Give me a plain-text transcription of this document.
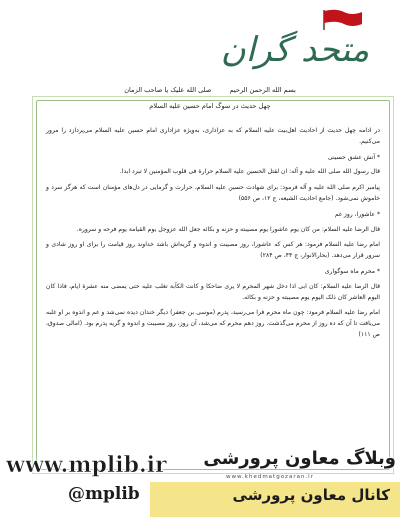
متحد گران
بسم الله الرحمن الرحیم صلی الله علیک یا صاحب الزمان
چهل حدیث در سوگ امام حسین علیه السلام

در ادامه چهل حدیث از احادیث اهل‌بیت علیه السلام که به عزاداری، به‌ویژه عزاداری امام حسین علیه السلام می‌پردازد را مرور می‌کنیم.

* آتش عشق حسینی

قال رسول الله صلی الله علیه و آله: ان لقتل الحسین علیه السلام حرارة فی قلوب المؤمنین لا تبرد ابدا.

پیامبر اکرم صلی الله علیه و آله فرمود: برای شهادت حسین علیه السلام، حرارت و گرمایی در دل‌های مؤمنان است که هرگز سرد و خاموش نمی‌شود. (جامع احادیث الشیعه، ج ۱۲، ص ۵۵۶)

* عاشورا، روز غم

قال الرضا علیه السلام: من کان یوم عاشورا یوم مصیبته و حزنه و بکائه جعل الله عزوجل یوم القیامة یوم فرحه و سروره.

امام رضا علیه السلام فرمود: هر کس که عاشورا، روز مصیبت و اندوه و گریه‌اش باشد خداوند روز قیامت را برای او روز شادی و سرور قرار می‌دهد. (بحارالانوار، ج ۴۴، ص ۲۸۴)

* محرم ماه سوگواری

قال الرضا علیه السلام: کان ابی اذا دخل شهر المحرم لا یری ضاحکا و کانت الکآبة تغلب علیه حتی یمضی منه عشرة ایام، فاذا کان الیوم العاشر کان ذلک الیوم یوم مصیبته و حزنه و بکائه.

امام رضا علیه السلام فرمود: چون ماه محرم فرا می‌رسید، پدرم (موسی بن جعفر) دیگر خندان دیده نمی‌شد و غم و اندوه بر او غلبه می‌یافت تا آن که ده روز از محرم می‌گذشت. روز دهم محرم که می‌شد، آن روز، روز مصیبت و اندوه و گریه پدرم بود. (امالی صدوق، ص ۱۱۱)

www.khedmatgozaran.ir
www.mplib.ir	وبلاگ معاون پرورشی
کانال معاون پرورشی
@mplib
